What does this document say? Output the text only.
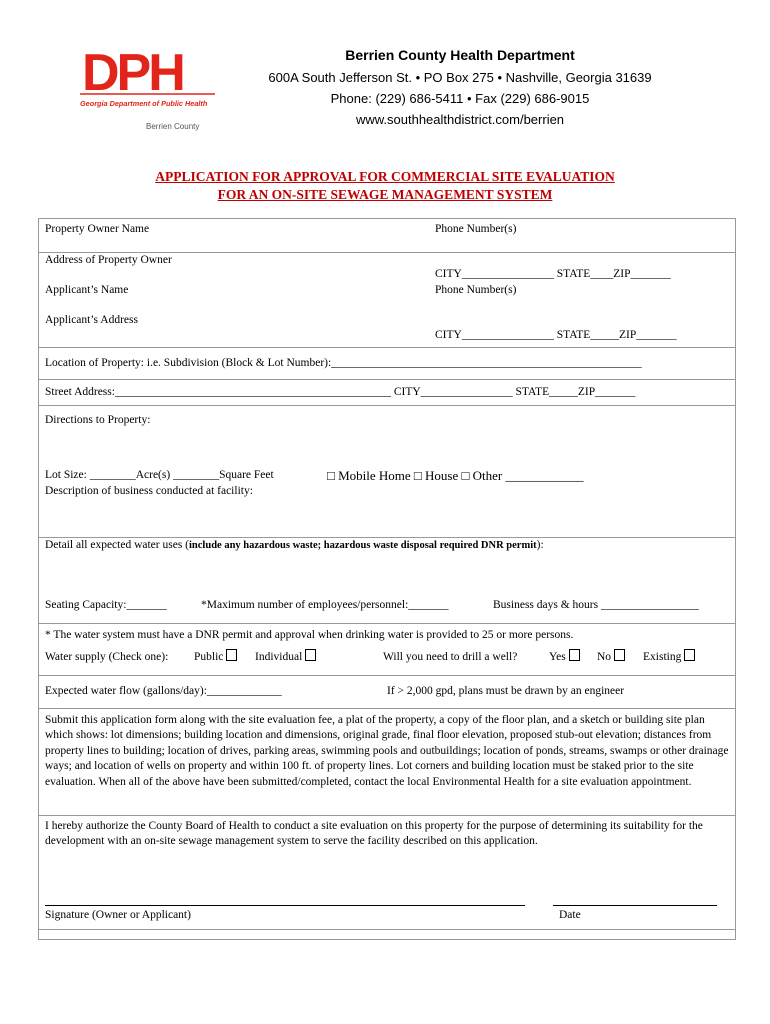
DPH
Georgia Department of Public Health
Berrien County
Berrien County Health Department
600A South Jefferson St. • PO Box 275 • Nashville, Georgia 31639
Phone: (229) 686-5411 • Fax (229) 686-9015
www.southhealthdistrict.com/berrien
APPLICATION FOR APPROVAL FOR COMMERCIAL SITE EVALUATION
FOR AN ON-SITE SEWAGE MANAGEMENT SYSTEM
Property Owner Name	Phone Number(s)
Address of Property Owner
CITY________________ STATE____ZIP_______
Applicant’s Name	Phone Number(s)
Applicant’s Address
CITY________________ STATE_____ZIP_______
Location of Property: i.e. Subdivision (Block & Lot Number):______________________________________________________
Street Address:________________________________________________ CITY________________ STATE_____ZIP_______
Directions to Property:
Lot Size: ________Acre(s) ________Square Feet	□ Mobile Home □ House □ Other ____________
Description of business conducted at facility:
Detail all expected water uses (include any hazardous waste; hazardous waste disposal required DNR permit):
Seating Capacity:_______	*Maximum number of employees/personnel:_______	Business days & hours _________________
* The water system must have a DNR permit and approval when drinking water is provided to 25 or more persons.
Water supply (Check one): Public	Individual	Will you need to drill a well?	Yes	No	Existing
Expected water flow (gallons/day):_____________	If > 2,000 gpd, plans must be drawn by an engineer
Submit this application form along with the site evaluation fee, a plat of the property, a copy of the floor plan, and a sketch or building site plan which shows: lot dimensions; building location and dimensions, original grade, final floor elevation, proposed stub-out elevation; distances from property lines to building; location of drives, parking areas, swimming pools and outbuildings; location of ponds, streams, swamps or other drainage ways; and location of wells on property and within 100 ft. of property lines. Lot corners and building location must be staked prior to the site evaluation. When all of the above have been submitted/completed, contact the local Environmental Health for a site evaluation appointment.
I hereby authorize the County Board of Health to conduct a site evaluation on this property for the purpose of determining its suitability for the development with an on-site sewage management system to serve the facility described on this application.
Signature (Owner or Applicant)	Date
